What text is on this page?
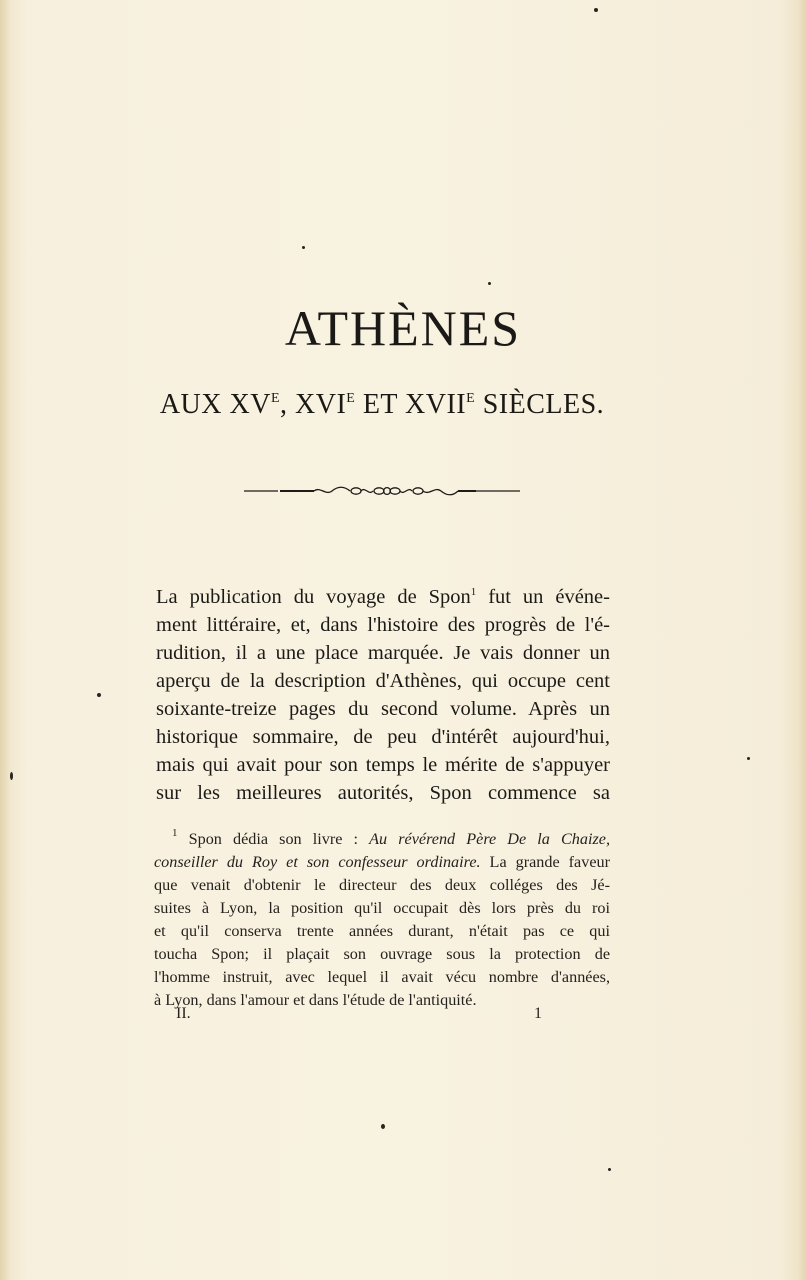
ATHÈNES
AUX $XV^E$, $XVI^E$ ET $XVII^E$ SIÈCLES.
La publication du voyage de Spon$^1$ fut un événe-
ment littéraire, et, dans l'histoire des progrès de l'é-
rudition, il a une place marquée. Je vais donner un
aperçu de la description d'Athènes, qui occupe cent
soixante-treize pages du second volume. Après un
historique sommaire, de peu d'intérêt aujourd'hui,
mais qui avait pour son temps le mérite de s'appuyer
sur les meilleures autorités, Spon commence sa
$^1$ Spon dédia son livre : Au révérend Père De la Chaize,
conseiller du Roy et son confesseur ordinaire. La grande faveur
que venait d'obtenir le directeur des deux colléges des Jé-
suites à Lyon, la position qu'il occupait dès lors près du roi
et qu'il conserva trente années durant, n'était pas ce qui
toucha Spon; il plaçait son ouvrage sous la protection de
l'homme instruit, avec lequel il avait vécu nombre d'années,
à Lyon, dans l'amour et dans l'étude de l'antiquité.
II.	1
